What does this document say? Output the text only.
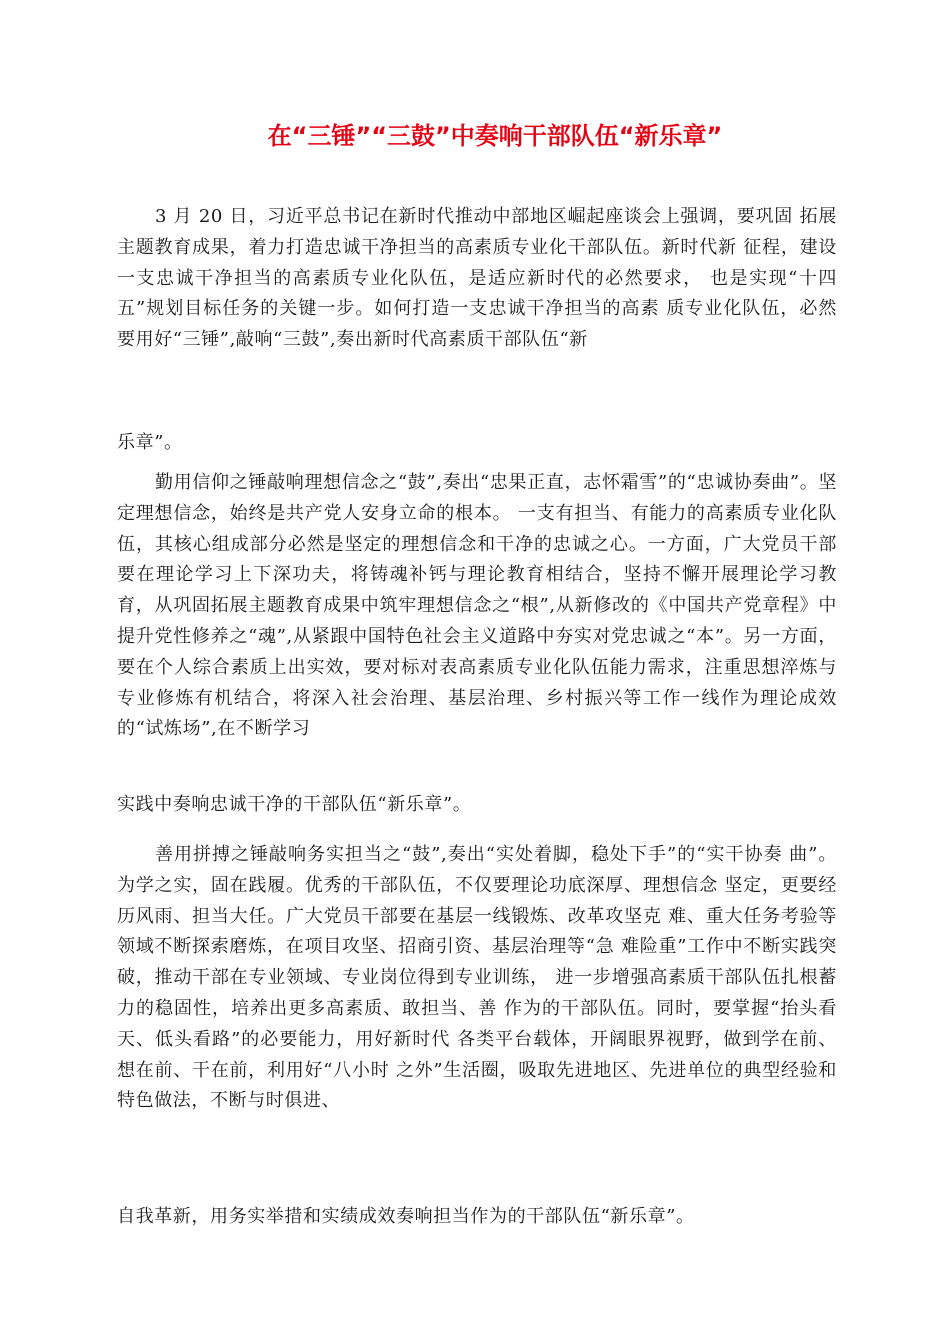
在“三锤”“三鼓”中奏响干部队伍“新乐章”

3 月 20 日，习近平总书记在新时代推动中部地区崛起座谈会上强调，要巩固 拓展主题教育成果，着力打造忠诚干净担当的高素质专业化干部队伍。新时代新 征程，建设一支忠诚干净担当的高素质专业化队伍，是适应新时代的必然要求， 也是实现“十四五”规划目标任务的关键一步。如何打造一支忠诚干净担当的高素 质专业化队伍，必然要用好“三锤”,敲响“三鼓”,奏出新时代高素质干部队伍“新

乐章”。

勤用信仰之锤敲响理想信念之“鼓”,奏出“忠果正直，志怀霜雪”的“忠诚协奏曲”。坚定理想信念，始终是共产党人安身立命的根本。 一支有担当、有能力的高素质专业化队伍，其核心组成部分必然是坚定的理想信念和干净的忠诚之心。一方面，广大党员干部要在理论学习上下深功夫，将铸魂补钙与理论教育相结合，坚持不懈开展理论学习教育，从巩固拓展主题教育成果中筑牢理想信念之“根”,从新修改的《中国共产党章程》中提升党性修养之“魂”,从紧跟中国特色社会主义道路中夯实对党忠诚之“本”。另一方面，要在个人综合素质上出实效，要对标对表高素质专业化队伍能力需求，注重思想淬炼与专业修炼有机结合，将深入社会治理、基层治理、乡村振兴等工作一线作为理论成效的“试炼场”,在不断学习

实践中奏响忠诚干净的干部队伍“新乐章”。

善用拼搏之锤敲响务实担当之“鼓”,奏出“实处着脚，稳处下手”的“实干协奏 曲”。为学之实，固在践履。优秀的干部队伍，不仅要理论功底深厚、理想信念 坚定，更要经历风雨、担当大任。广大党员干部要在基层一线锻炼、改革攻坚克 难、重大任务考验等领域不断探索磨炼，在项目攻坚、招商引资、基层治理等“急 难险重”工作中不断实践突破，推动干部在专业领域、专业岗位得到专业训练， 进一步增强高素质干部队伍扎根蓄力的稳固性，培养出更多高素质、敢担当、善 作为的干部队伍。同时，要掌握“抬头看天、低头看路”的必要能力，用好新时代 各类平台载体，开阔眼界视野，做到学在前、想在前、干在前，利用好“八小时 之外”生活圈，吸取先进地区、先进单位的典型经验和特色做法，不断与时俱进、

自我革新，用务实举措和实绩成效奏响担当作为的干部队伍“新乐章”。
